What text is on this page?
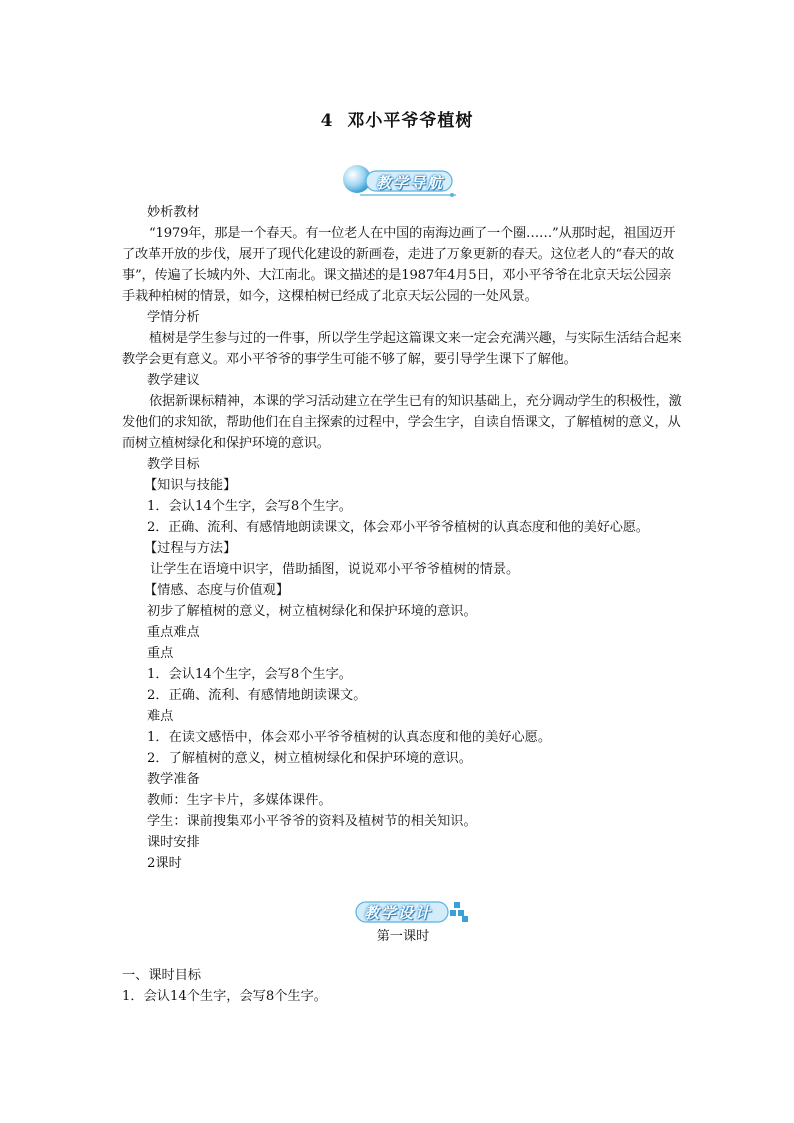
4 邓小平爷爷植树
教学导航

妙析教材

“1979年，那是一个春天。有一位老人在中国的南海边画了一个圈……”从那时起，祖国迈开了改革开放的步伐，展开了现代化建设的新画卷，走进了万象更新的春天。这位老人的“春天的故事”，传遍了长城内外、大江南北。课文描述的是1987年4月5日，邓小平爷爷在北京天坛公园亲手栽种柏树的情景，如今，这棵柏树已经成了北京天坛公园的一处风景。

学情分析

植树是学生参与过的一件事，所以学生学起这篇课文来一定会充满兴趣，与实际生活结合起来教学会更有意义。邓小平爷爷的事学生可能不够了解，要引导学生课下了解他。

教学建议

依据新课标精神，本课的学习活动建立在学生已有的知识基础上，充分调动学生的积极性，激发他们的求知欲，帮助他们在自主探索的过程中，学会生字，自读自悟课文，了解植树的意义，从而树立植树绿化和保护环境的意识。

教学目标

【知识与技能】

1．会认14个生字，会写8个生字。

2．正确、流利、有感情地朗读课文，体会邓小平爷爷植树的认真态度和他的美好心愿。

【过程与方法】

让学生在语境中识字，借助插图，说说邓小平爷爷植树的情景。

【情感、态度与价值观】

初步了解植树的意义，树立植树绿化和保护环境的意识。

重点难点

重点

1．会认14个生字，会写8个生字。

2．正确、流利、有感情地朗读课文。

难点

1．在读文感悟中，体会邓小平爷爷植树的认真态度和他的美好心愿。

2．了解植树的意义，树立植树绿化和保护环境的意识。

教学准备

教师：生字卡片，多媒体课件。

学生：课前搜集邓小平爷爷的资料及植树节的相关知识。

课时安排

2课时

第一课时

一、课时目标

1．会认14个生字，会写8个生字。

教学设计
